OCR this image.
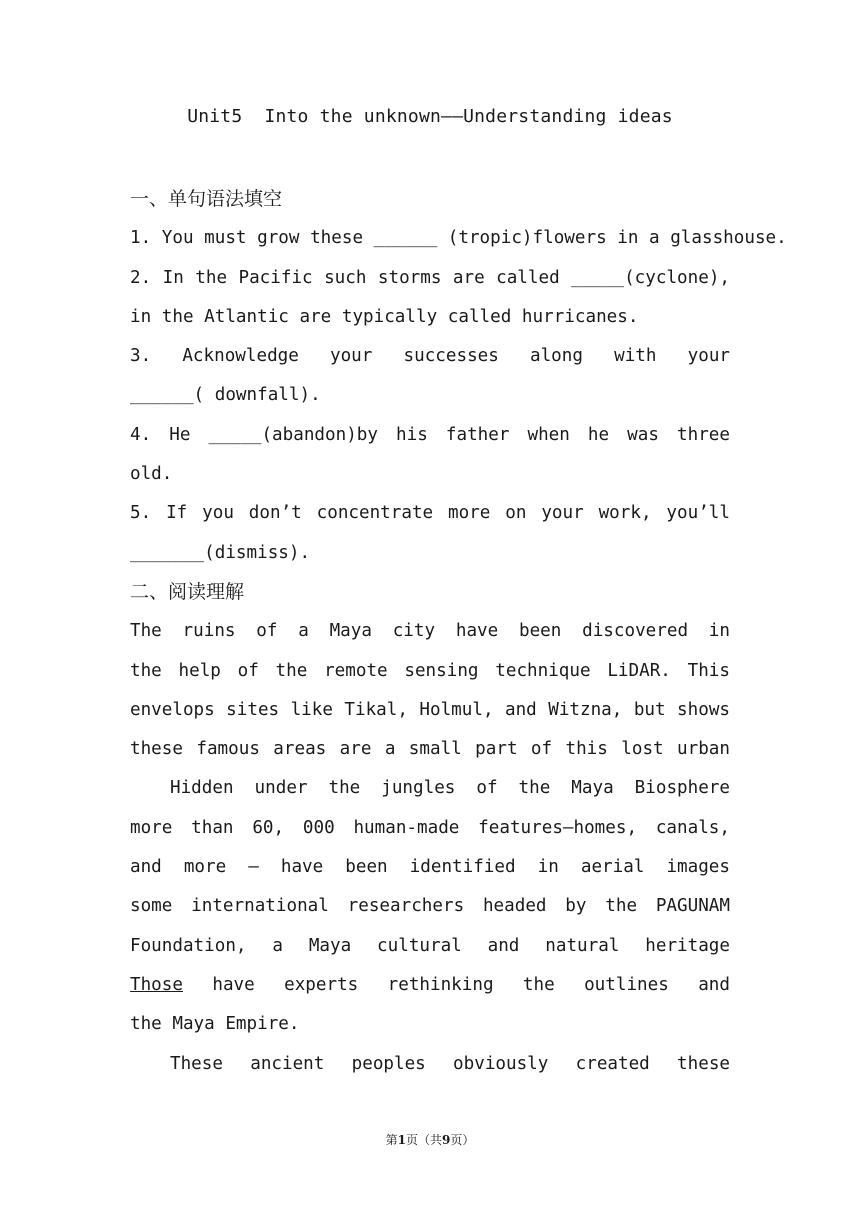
Unit5  Into the unknown——Understanding ideas
一、单句语法填空
1. You must grow these ______ (tropic)flowers in a glasshouse.
2. In the Pacific such storms are called _____(cyclone),
in the Atlantic are typically called hurricanes.
3. Acknowledge your successes along with your
______( downfall).
4. He _____(abandon)by his father when he was three
old.
5. If you don’t concentrate more on your work, you’ll
_______(dismiss).
二、阅读理解
The ruins of a Maya city have been discovered in
the help of the remote sensing technique LiDAR. This
envelops sites like Tikal, Holmul, and Witzna, but shows
these famous areas are a small part of this lost urban
Hidden under the jungles of the Maya Biosphere
more than 60, 000 human-made features—homes, canals,
and more — have been identified in aerial images
some international researchers headed by the PAGUNAM
Foundation, a Maya cultural and natural heritage
Those have experts rethinking the outlines and
the Maya Empire.
These ancient peoples obviously created these
第1页（共9页）
